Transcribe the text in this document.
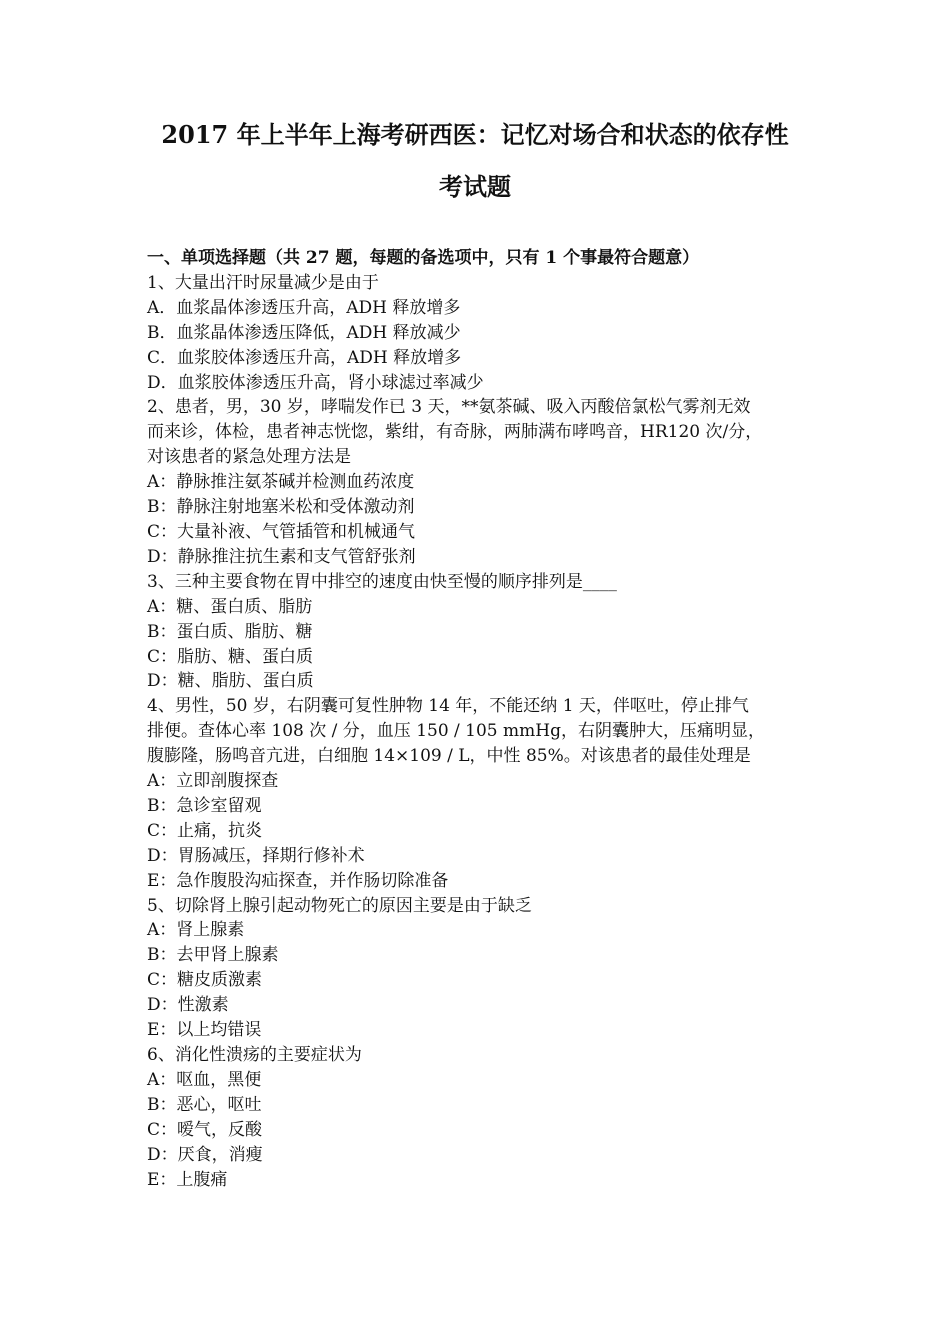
2017 年上半年上海考研西医：记忆对场合和状态的依存性
考试题
一、单项选择题（共 27 题，每题的备选项中，只有 1 个事最符合题意）
1、大量出汗时尿量减少是由于
A．血浆晶体渗透压升高，ADH 释放增多
B．血浆晶体渗透压降低，ADH 释放减少
C．血浆胶体渗透压升高，ADH 释放增多
D．血浆胶体渗透压升高，肾小球滤过率减少
2、患者，男，30 岁，哮喘发作已 3 天，**氨茶碱、吸入丙酸倍氯松气雾剂无效
而来诊，体检，患者神志恍惚，紫绀，有奇脉，两肺满布哮鸣音，HR120 次/分，
对该患者的紧急处理方法是
A：静脉推注氨茶碱并检测血药浓度
B：静脉注射地塞米松和受体激动剂
C：大量补液、气管插管和机械通气
D：静脉推注抗生素和支气管舒张剂
3、三种主要食物在胃中排空的速度由快至慢的顺序排列是____
A：糖、蛋白质、脂肪
B：蛋白质、脂肪、糖
C：脂肪、糖、蛋白质
D：糖、脂肪、蛋白质
4、男性，50 岁，右阴囊可复性肿物 14 年，不能还纳 1 天，伴呕吐，停止排气
排便。查体心率 108 次 / 分，血压 150 / 105 mmHg，右阴囊肿大，压痛明显，
腹膨隆，肠鸣音亢进，白细胞 14×109 / L，中性 85%。对该患者的最佳处理是
A：立即剖腹探查
B：急诊室留观
C：止痛，抗炎
D：胃肠减压，择期行修补术
E：急作腹股沟疝探查，并作肠切除准备
5、切除肾上腺引起动物死亡的原因主要是由于缺乏
A：肾上腺素
B：去甲肾上腺素
C：糖皮质激素
D：性激素
E：以上均错误
6、消化性溃疡的主要症状为
A：呕血，黑便
B：恶心，呕吐
C：嗳气，反酸
D：厌食，消瘦
E：上腹痛
